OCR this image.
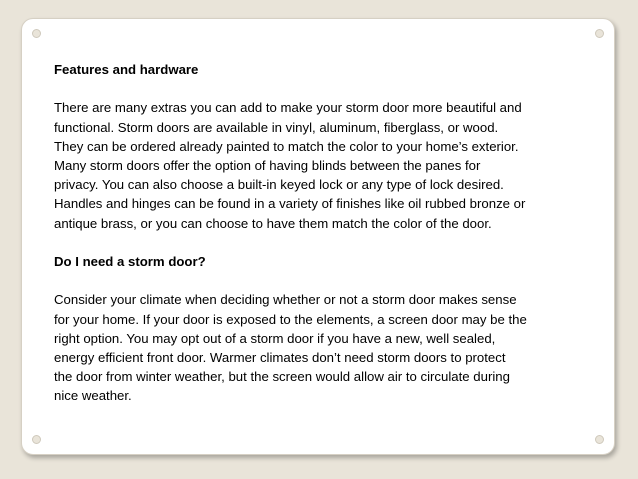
Features and hardware
There are many extras you can add to make your storm door more beautiful and
functional. Storm doors are available in vinyl, aluminum, fiberglass, or wood.
They can be ordered already painted to match the color to your home’s exterior.
Many storm doors offer the option of having blinds between the panes for
privacy. You can also choose a built-in keyed lock or any type of lock desired.
Handles and hinges can be found in a variety of finishes like oil rubbed bronze or
antique brass, or you can choose to have them match the color of the door.
Do I need a storm door?
Consider your climate when deciding whether or not a storm door makes sense
for your home. If your door is exposed to the elements, a screen door may be the
right option. You may opt out of a storm door if you have a new, well sealed,
energy efficient front door. Warmer climates don’t need storm doors to protect
the door from winter weather, but the screen would allow air to circulate during
nice weather.
